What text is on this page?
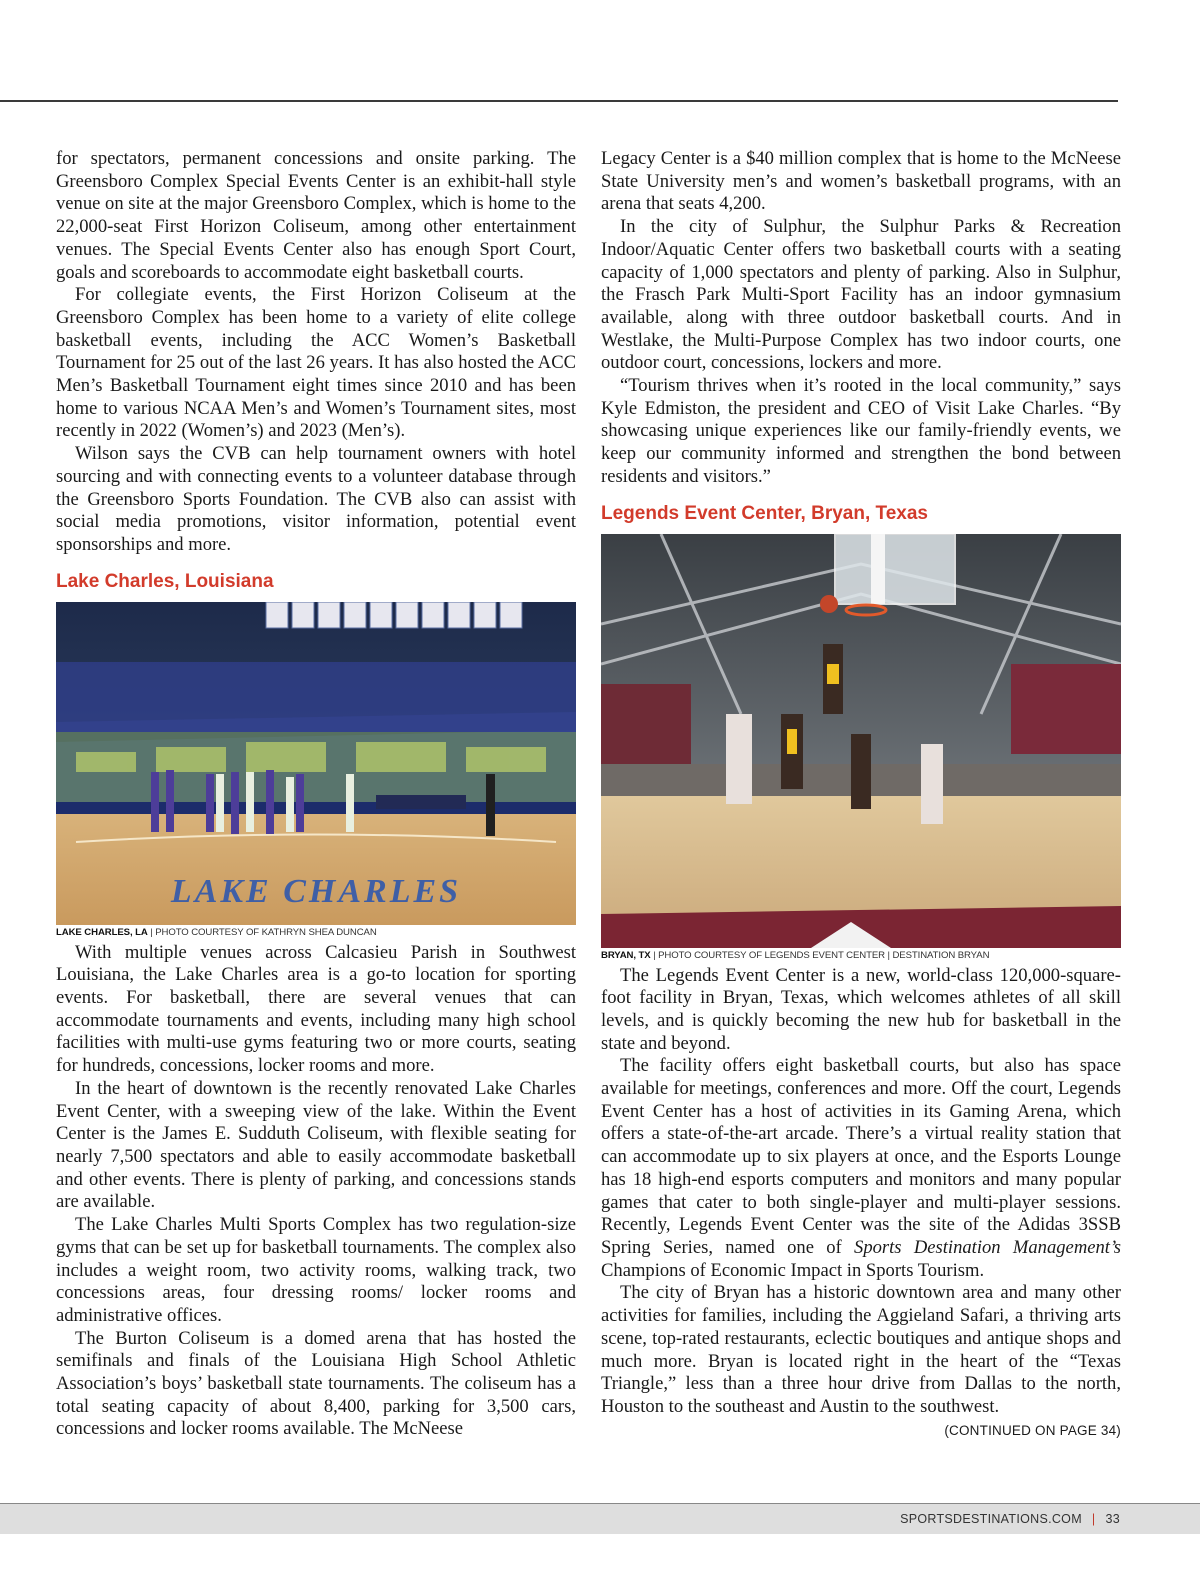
for spectators, permanent concessions and onsite parking. The Greensboro Complex Special Events Center is an exhibit-hall style venue on site at the major Greensboro Complex, which is home to the 22,000-seat First Horizon Coliseum, among other entertainment venues. The Special Events Center also has enough Sport Court, goals and scoreboards to accommodate eight basketball courts.

For collegiate events, the First Horizon Coliseum at the Greensboro Complex has been home to a variety of elite college basketball events, including the ACC Women’s Basketball Tournament for 25 out of the last 26 years. It has also hosted the ACC Men’s Basketball Tournament eight times since 2010 and has been home to various NCAA Men’s and Women’s Tournament sites, most recently in 2022 (Women’s) and 2023 (Men’s).

Wilson says the CVB can help tournament owners with hotel sourcing and with connecting events to a volunteer database through the Greensboro Sports Foundation. The CVB also can assist with social media promotions, visitor information, potential event sponsorships and more.

Lake Charles, Louisiana
LAKE CHARLES
LAKE CHARLES, LA | PHOTO COURTESY OF KATHRYN SHEA DUNCAN

With multiple venues across Calcasieu Parish in Southwest Louisiana, the Lake Charles area is a go-to location for sporting events. For basketball, there are several venues that can accommodate tournaments and events, including many high school facilities with multi-use gyms featuring two or more courts, seating for hundreds, concessions, locker rooms and more.

In the heart of downtown is the recently renovated Lake Charles Event Center, with a sweeping view of the lake. Within the Event Center is the James E. Sudduth Coliseum, with flexible seating for nearly 7,500 spectators and able to easily accommodate basketball and other events. There is plenty of parking, and concessions stands are available.

The Lake Charles Multi Sports Complex has two regulation-size gyms that can be set up for basketball tournaments. The complex also includes a weight room, two activity rooms, walking track, two concessions areas, four dressing rooms/ locker rooms and administrative offices.

The Burton Coliseum is a domed arena that has hosted the semifinals and finals of the Louisiana High School Athletic Association’s boys’ basketball state tournaments. The coliseum has a total seating capacity of about 8,400, parking for 3,500 cars, concessions and locker rooms available. The McNeese

Legacy Center is a $40 million complex that is home to the McNeese State University men’s and women’s basketball programs, with an arena that seats 4,200.

In the city of Sulphur, the Sulphur Parks & Recreation Indoor/Aquatic Center offers two basketball courts with a seating capacity of 1,000 spectators and plenty of parking. Also in Sulphur, the Frasch Park Multi-Sport Facility has an indoor gymnasium available, along with three outdoor basketball courts. And in Westlake, the Multi-Purpose Complex has two indoor courts, one outdoor court, concessions, lockers and more.

“Tourism thrives when it’s rooted in the local community,” says Kyle Edmiston, the president and CEO of Visit Lake Charles. “By showcasing unique experiences like our family-friendly events, we keep our community informed and strengthen the bond between residents and visitors.”

Legends Event Center, Bryan, Texas
BRYAN, TX | PHOTO COURTESY OF LEGENDS EVENT CENTER | DESTINATION BRYAN

The Legends Event Center is a new, world-class 120,000-square-foot facility in Bryan, Texas, which welcomes athletes of all skill levels, and is quickly becoming the new hub for basketball in the state and beyond.

The facility offers eight basketball courts, but also has space available for meetings, conferences and more. Off the court, Legends Event Center has a host of activities in its Gaming Arena, which offers a state-of-the-art arcade. There’s a virtual reality station that can accommodate up to six players at once, and the Esports Lounge has 18 high-end esports computers and monitors and many popular games that cater to both single-player and multi-player sessions. Recently, Legends Event Center was the site of the Adidas 3SSB Spring Series, named one of Sports Destination Management’s Champions of Economic Impact in Sports Tourism.

The city of Bryan has a historic downtown area and many other activities for families, including the Aggieland Safari, a thriving arts scene, top-rated restaurants, eclectic boutiques and antique shops and much more. Bryan is located right in the heart of the “Texas Triangle,” less than a three hour drive from Dallas to the north, Houston to the southeast and Austin to the southwest.
(CONTINUED ON PAGE 34)

SPORTSDESTINATIONS.COM | 33
